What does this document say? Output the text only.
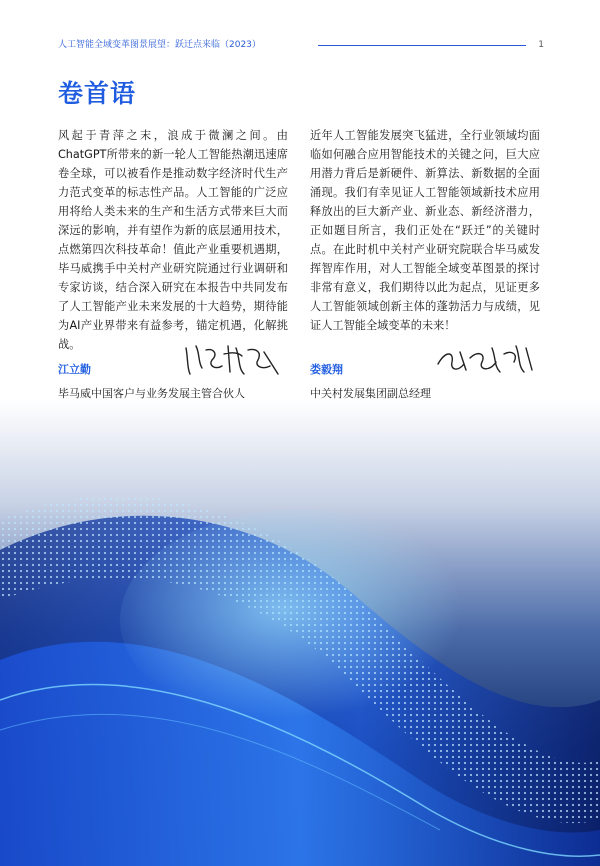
人工智能全域变革图景展望：跃迁点来临（2023）	1
卷首语

风起于青萍之末，浪成于微澜之间。由ChatGPT所带来的新一轮人工智能热潮迅速席卷全球，可以被看作是推动数字经济时代生产力范式变革的标志性产品。人工智能的广泛应用将给人类未来的生产和生活方式带来巨大而深远的影响，并有望作为新的底层通用技术，点燃第四次科技革命！值此产业重要机遇期，毕马威携手中关村产业研究院通过行业调研和专家访谈，结合深入研究在本报告中共同发布了人工智能产业未来发展的十大趋势，期待能为AI产业界带来有益参考，锚定机遇，化解挑战。

近年人工智能发展突飞猛进，全行业领域均面临如何融合应用智能技术的关键之问，巨大应用潜力背后是新硬件、新算法、新数据的全面涌现。我们有幸见证人工智能领域新技术应用释放出的巨大新产业、新业态、新经济潜力，正如题目所言，我们正处在“跃迁”的关键时点。在此时机中关村产业研究院联合毕马威发挥智库作用，对人工智能全域变革图景的探讨非常有意义，我们期待以此为起点，见证更多人工智能领域创新主体的蓬勃活力与成绩，见证人工智能全域变革的未来！

江立勤
毕马威中国客户与业务发展主管合伙人
娄毅翔
中关村发展集团副总经理
